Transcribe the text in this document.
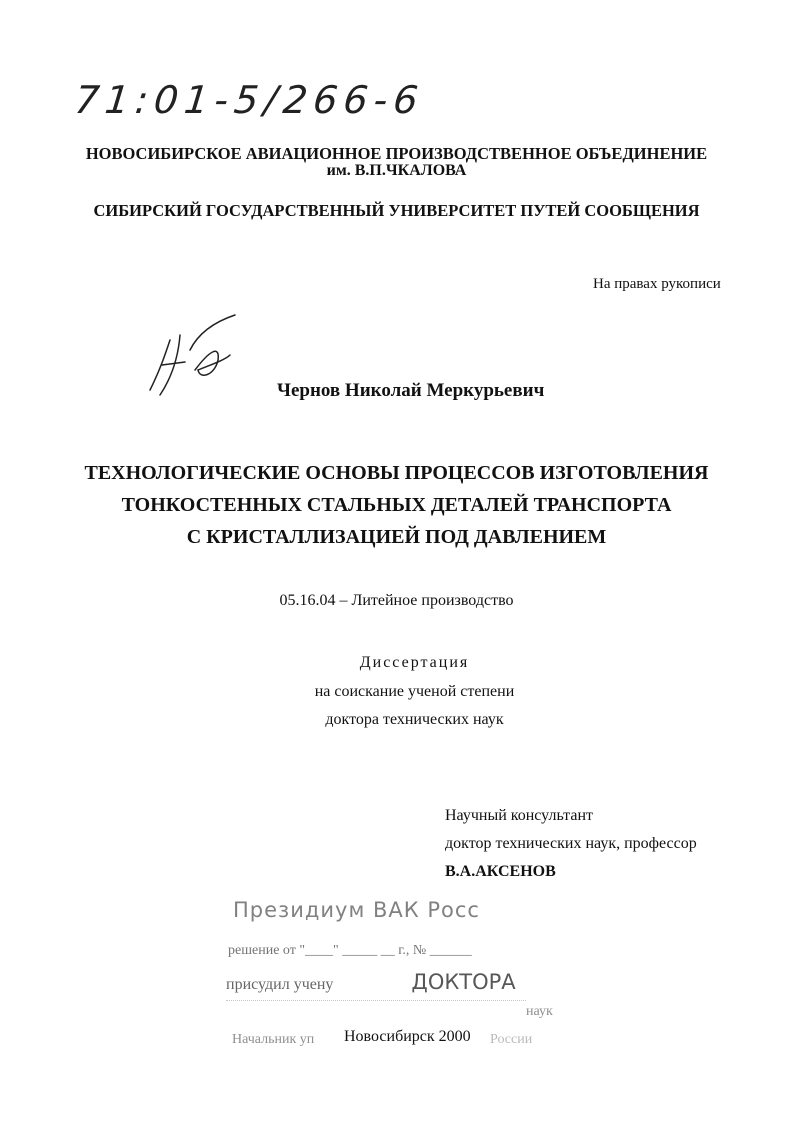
71:01-5/266-6
НОВОСИБИРСКОЕ АВИАЦИОННОЕ ПРОИЗВОДСТВЕННОЕ ОБЪЕДИНЕНИЕ
им. В.П.ЧКАЛОВА
СИБИРСКИЙ ГОСУДАРСТВЕННЫЙ УНИВЕРСИТЕТ ПУТЕЙ СООБЩЕНИЯ
На правах рукописи
Чернов Николай Меркурьевич
ТЕХНОЛОГИЧЕСКИЕ ОСНОВЫ ПРОЦЕССОВ ИЗГОТОВЛЕНИЯ
ТОНКОСТЕННЫХ СТАЛЬНЫХ ДЕТАЛЕЙ ТРАНСПОРТА
С КРИСТАЛЛИЗАЦИЕЙ ПОД ДАВЛЕНИЕМ
05.16.04 – Литейное производство
Диссертация
на соискание ученой степени
доктора технических наук
Научный консультант
доктор технических наук, профессор
В.А.АКСЕНОВ
Президиум ВАК Росс
решение от "____" _____ __ г., № ______
присудил учену	ДОКТОРА
наук
Начальник уп	России
Новосибирск 2000
